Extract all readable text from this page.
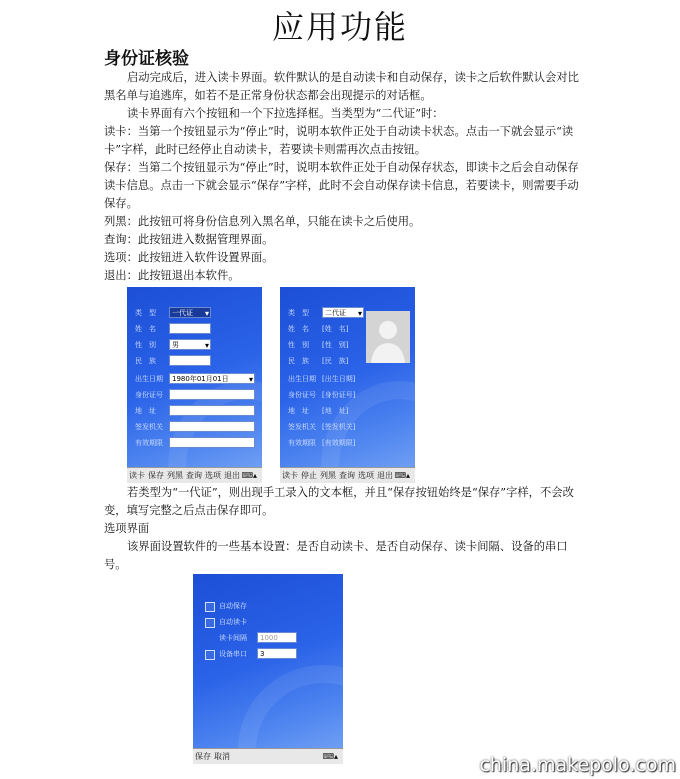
应用功能
身份证核验

启动完成后，进入读卡界面。软件默认的是自动读卡和自动保存，读卡之后软件默认会对比黑名单与追逃库，如若不是正常身份状态都会出现提示的对话框。

读卡界面有六个按钮和一个下拉选择框。当类型为“二代证”时：

读卡：当第一个按钮显示为“停止”时，说明本软件正处于自动读卡状态。点击一下就会显示“读卡”字样，此时已经停止自动读卡，若要读卡则需再次点击按钮。

保存：当第二个按钮显示为“停止”时，说明本软件正处于自动保存状态，即读卡之后会自动保存读卡信息。点击一下就会显示“保存”字样，此时不会自动保存读卡信息，若要读卡，则需要手动保存。

列黑：此按钮可将身份信息列入黑名单，只能在读卡之后使用。

查询：此按钮进入数据管理界面。

选项：此按钮进入软件设置界面。

退出：此按钮退出本软件。

类　型	一代证 ▾
姓　名
性　别	男 ▾
民　族
出生日期	1980年01月01日 ▾
身份证号
地　址
签发机关
有效期限
读卡 保存 列黑 查询 选项 退出 ⌨▴
类　型	二代证 ▾
姓　名 [姓　名]
性　别 [性　别]
民　族 [民　族]
出生日期 [出生日期]
身份证号 [身份证号]
地　址 [地　址]
签发机关 [签发机关]
有效期限 [有效期限]
读卡 停止 列黑 查询 选项 退出 ⌨▴

若类型为“一代证”，则出现手工录入的文本框，并且“保存按钮始终是“保存”字样，不会改变，填写完整之后点击保存即可。

选项界面

该界面设置软件的一些基本设置：是否自动读卡、是否自动保存、读卡间隔、设备的串口号。

自动保存
自动读卡
读卡间隔	1000
设备串口	3
保存 取消	⌨▴	china.makepolo.com
